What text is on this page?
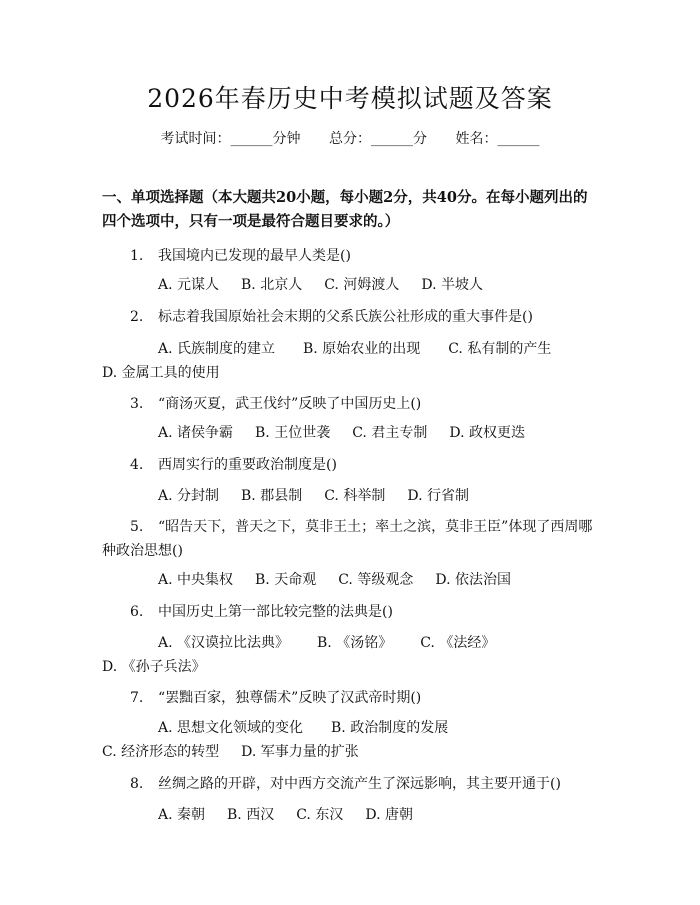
2026年春历史中考模拟试题及答案
考试时间：______分钟 总分：______分 姓名：______
一、单项选择题（本大题共20小题，每小题2分，共40分。在每小题列出的四个选项中，只有一项是最符合题目要求的。）
1. 我国境内已发现的最早人类是()
A. 元谋人 B. 北京人 C. 河姆渡人 D. 半坡人
2. 标志着我国原始社会末期的父系氏族公社形成的重大事件是()
A. 氏族制度的建立 B. 原始农业的出现 C. 私有制的产生D. 金属工具的使用
3. “商汤灭夏，武王伐纣”反映了中国历史上()
A. 诸侯争霸 B. 王位世袭 C. 君主专制 D. 政权更迭
4. 西周实行的重要政治制度是()
A. 分封制 B. 郡县制 C. 科举制 D. 行省制
5. “昭告天下，普天之下，莫非王土；率土之滨，莫非王臣”体现了西周哪种政治思想()
A. 中央集权 B. 天命观 C. 等级观念 D. 依法治国
6. 中国历史上第一部比较完整的法典是()
A. 《汉谟拉比法典》 B. 《汤铭》 C. 《法经》D. 《孙子兵法》
7. “罢黜百家，独尊儒术”反映了汉武帝时期()
A. 思想文化领域的变化 B. 政治制度的发展C. 经济形态的转型 D. 军事力量的扩张
8. 丝绸之路的开辟，对中西方交流产生了深远影响，其主要开通于()
A. 秦朝 B. 西汉 C. 东汉 D. 唐朝
